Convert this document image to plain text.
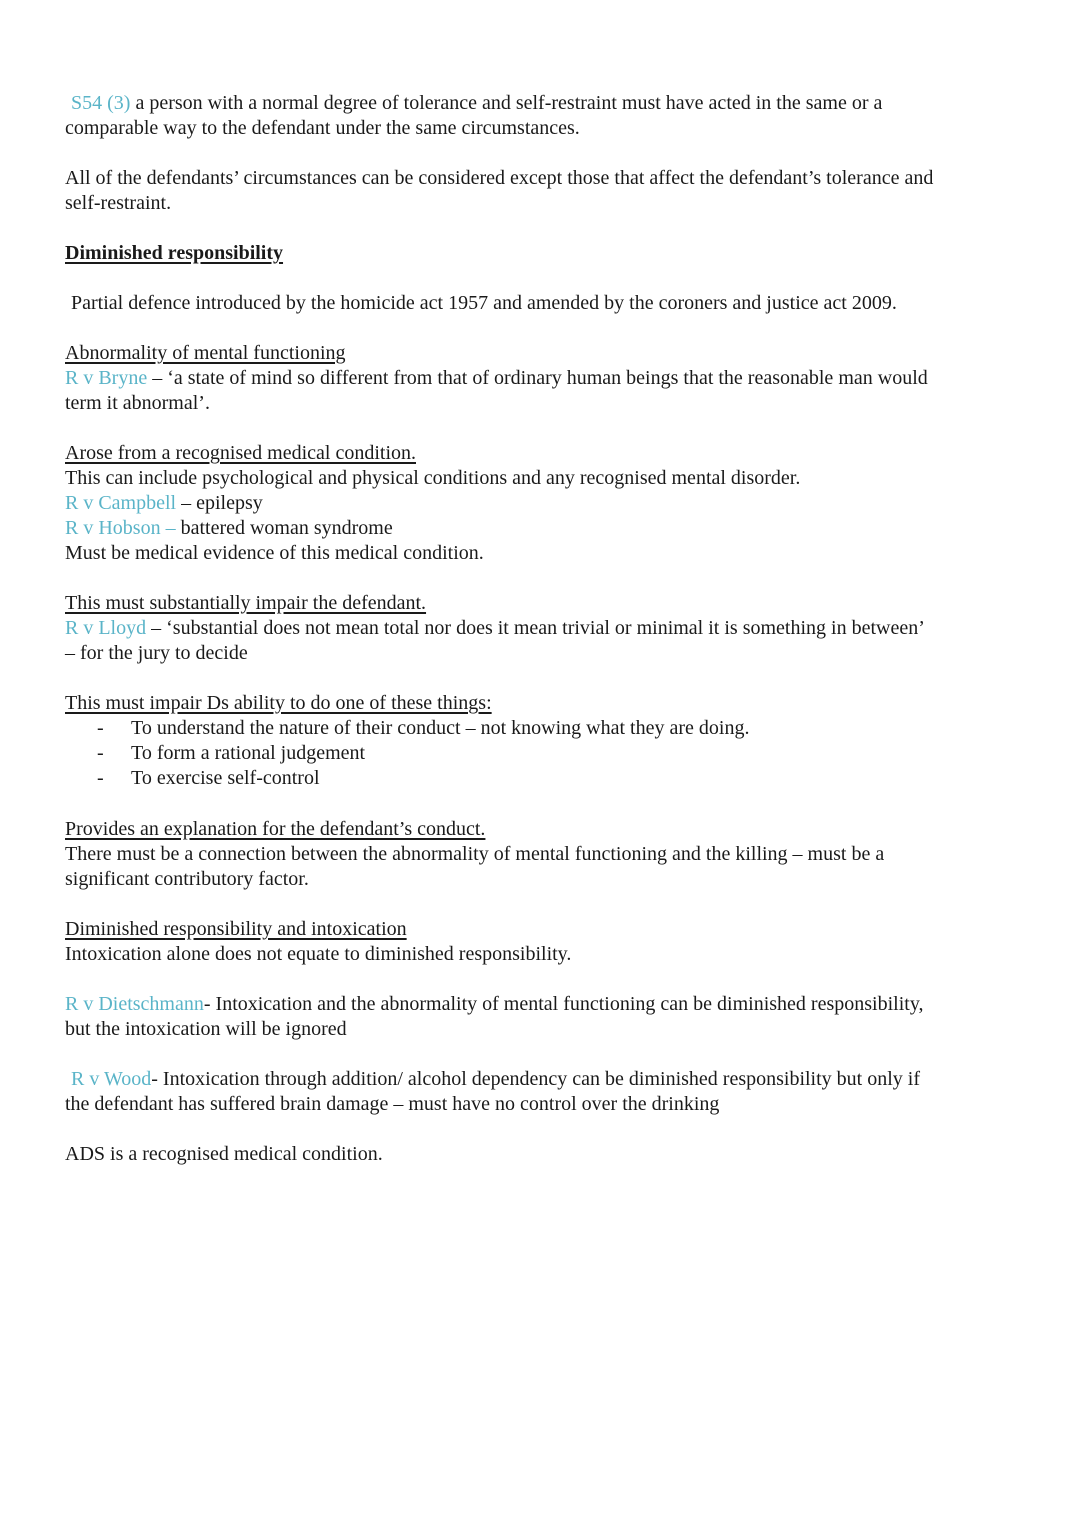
S54 (3) a person with a normal degree of tolerance and self-restraint must have acted in the same or a
comparable way to the defendant under the same circumstances.

All of the defendants’ circumstances can be considered except those that affect the defendant’s tolerance and
self-restraint.

Diminished responsibility

Partial defence introduced by the homicide act 1957 and amended by the coroners and justice act 2009.

Abnormality of mental functioning
R v Bryne – ‘a state of mind so different from that of ordinary human beings that the reasonable man would
term it abnormal’.

Arose from a recognised medical condition.
This can include psychological and physical conditions and any recognised mental disorder.
R v Campbell – epilepsy
R v Hobson – battered woman syndrome
Must be medical evidence of this medical condition.

This must substantially impair the defendant.
R v Lloyd – ‘substantial does not mean total nor does it mean trivial or minimal it is something in between’
– for the jury to decide

This must impair Ds ability to do one of these things:
- To understand the nature of their conduct – not knowing what they are doing.
- To form a rational judgement
- To exercise self-control

Provides an explanation for the defendant’s conduct.
There must be a connection between the abnormality of mental functioning and the killing – must be a
significant contributory factor.

Diminished responsibility and intoxication
Intoxication alone does not equate to diminished responsibility.

R v Dietschmann- Intoxication and the abnormality of mental functioning can be diminished responsibility,
but the intoxication will be ignored

R v Wood- Intoxication through addition/ alcohol dependency can be diminished responsibility but only if
the defendant has suffered brain damage – must have no control over the drinking

ADS is a recognised medical condition.
